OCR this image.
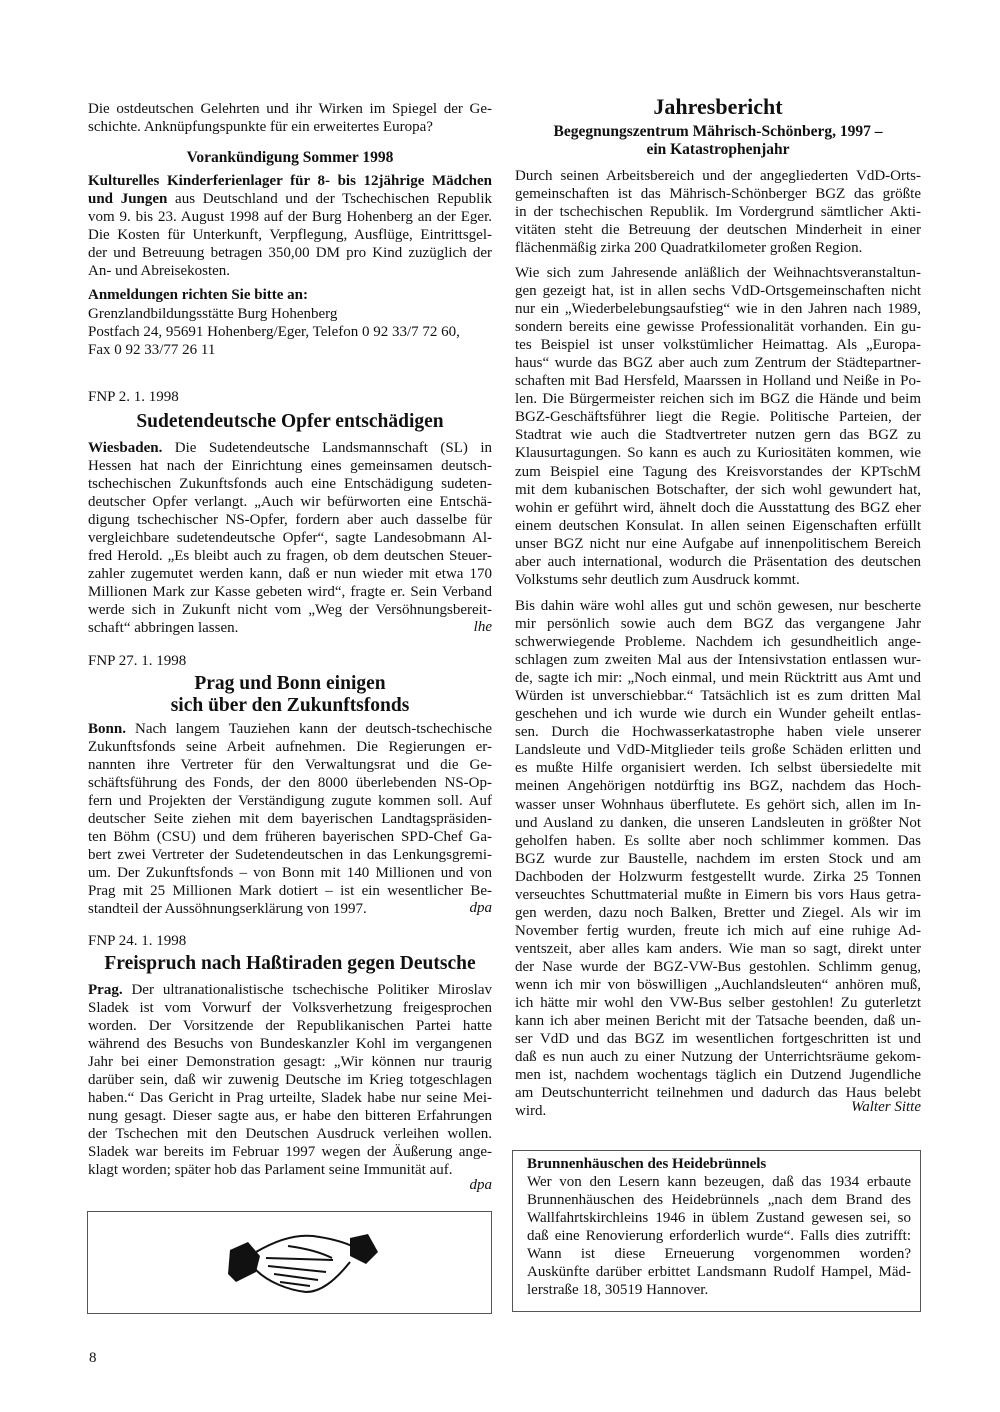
Die ostdeutschen Gelehrten und ihr Wirken im Spiegel der Ge-
schichte. Anknüpfungspunkte für ein erweitertes Europa?
Vorankündigung Sommer 1998
Kulturelles Kinderferienlager für 8- bis 12jährige Mädchen
und Jungen aus Deutschland und der Tschechischen Republik
vom 9. bis 23. August 1998 auf der Burg Hohenberg an der Eger.
Die Kosten für Unterkunft, Verpflegung, Ausflüge, Eintrittsgel-
der und Betreuung betragen 350,00 DM pro Kind zuzüglich der
An- und Abreisekosten.
Anmeldungen richten Sie bitte an:
Grenzlandbildungsstätte Burg Hohenberg
Postfach 24, 95691 Hohenberg/Eger, Telefon 0 92 33/7 72 60,
Fax 0 92 33/77 26 11
FNP 2. 1. 1998
Sudetendeutsche Opfer entschädigen
Wiesbaden. Die Sudetendeutsche Landsmannschaft (SL) in
Hessen hat nach der Einrichtung eines gemeinsamen deutsch-
tschechischen Zukunftsfonds auch eine Entschädigung sudeten-
deutscher Opfer verlangt. „Auch wir befürworten eine Entschä-
digung tschechischer NS-Opfer, fordern aber auch dasselbe für
vergleichbare sudetendeutsche Opfer“, sagte Landesobmann Al-
fred Herold. „Es bleibt auch zu fragen, ob dem deutschen Steuer-
zahler zugemutet werden kann, daß er nun wieder mit etwa 170
Millionen Mark zur Kasse gebeten wird“, fragte er. Sein Verband
werde sich in Zukunft nicht vom „Weg der Versöhnungsbereit-
schaft“ abbringen lassen.	lhe
FNP 27. 1. 1998
Prag und Bonn einigen
sich über den Zukunftsfonds
Bonn. Nach langem Tauziehen kann der deutsch-tschechische
Zukunftsfonds seine Arbeit aufnehmen. Die Regierungen er-
nannten ihre Vertreter für den Verwaltungsrat und die Ge-
schäftsführung des Fonds, der den 8000 überlebenden NS-Op-
fern und Projekten der Verständigung zugute kommen soll. Auf
deutscher Seite ziehen mit dem bayerischen Landtagspräsiden-
ten Böhm (CSU) und dem früheren bayerischen SPD-Chef Ga-
bert zwei Vertreter der Sudetendeutschen in das Lenkungsgremi-
um. Der Zukunftsfonds – von Bonn mit 140 Millionen und von
Prag mit 25 Millionen Mark dotiert – ist ein wesentlicher Be-
standteil der Aussöhnungserklärung von 1997.	dpa
FNP 24. 1. 1998
Freispruch nach Haßtiraden gegen Deutsche
Prag. Der ultranationalistische tschechische Politiker Miroslav
Sladek ist vom Vorwurf der Volksverhetzung freigesprochen
worden. Der Vorsitzende der Republikanischen Partei hatte
während des Besuchs von Bundeskanzler Kohl im vergangenen
Jahr bei einer Demonstration gesagt: „Wir können nur traurig
darüber sein, daß wir zuwenig Deutsche im Krieg totgeschlagen
haben.“ Das Gericht in Prag urteilte, Sladek habe nur seine Mei-
nung gesagt. Dieser sagte aus, er habe den bitteren Erfahrungen
der Tschechen mit den Deutschen Ausdruck verleihen wollen.
Sladek war bereits im Februar 1997 wegen der Äußerung ange-
klagt worden; später hob das Parlament seine Immunität auf.
dpa
8
Jahresbericht
Begegnungszentrum Mährisch-Schönberg, 1997 –
ein Katastrophenjahr
Durch seinen Arbeitsbereich und der angegliederten VdD-Orts-
gemeinschaften ist das Mährisch-Schönberger BGZ das größte
in der tschechischen Republik. Im Vordergrund sämtlicher Akti-
vitäten steht die Betreuung der deutschen Minderheit in einer
flächenmäßig zirka 200 Quadratkilometer großen Region.
Wie sich zum Jahresende anläßlich der Weihnachtsveranstaltun-
gen gezeigt hat, ist in allen sechs VdD-Ortsgemeinschaften nicht
nur ein „Wiederbelebungsaufstieg“ wie in den Jahren nach 1989,
sondern bereits eine gewisse Professionalität vorhanden. Ein gu-
tes Beispiel ist unser volkstümlicher Heimattag. Als „Europa-
haus“ wurde das BGZ aber auch zum Zentrum der Städtepartner-
schaften mit Bad Hersfeld, Maarssen in Holland und Neiße in Po-
len. Die Bürgermeister reichen sich im BGZ die Hände und beim
BGZ-Geschäftsführer liegt die Regie. Politische Parteien, der
Stadtrat wie auch die Stadtvertreter nutzen gern das BGZ zu
Klausurtagungen. So kann es auch zu Kuriositäten kommen, wie
zum Beispiel eine Tagung des Kreisvorstandes der KPTschM
mit dem kubanischen Botschafter, der sich wohl gewundert hat,
wohin er geführt wird, ähnelt doch die Ausstattung des BGZ eher
einem deutschen Konsulat. In allen seinen Eigenschaften erfüllt
unser BGZ nicht nur eine Aufgabe auf innenpolitischem Bereich
aber auch international, wodurch die Präsentation des deutschen
Volkstums sehr deutlich zum Ausdruck kommt.
Bis dahin wäre wohl alles gut und schön gewesen, nur bescherte
mir persönlich sowie auch dem BGZ das vergangene Jahr
schwerwiegende Probleme. Nachdem ich gesundheitlich ange-
schlagen zum zweiten Mal aus der Intensivstation entlassen wur-
de, sagte ich mir: „Noch einmal, und mein Rücktritt aus Amt und
Würden ist unverschiebbar.“ Tatsächlich ist es zum dritten Mal
geschehen und ich wurde wie durch ein Wunder geheilt entlas-
sen. Durch die Hochwasserkatastrophe haben viele unserer
Landsleute und VdD-Mitglieder teils große Schäden erlitten und
es mußte Hilfe organisiert werden. Ich selbst übersiedelte mit
meinen Angehörigen notdürftig ins BGZ, nachdem das Hoch-
wasser unser Wohnhaus überflutete. Es gehört sich, allen im In-
und Ausland zu danken, die unseren Landsleuten in größter Not
geholfen haben. Es sollte aber noch schlimmer kommen. Das
BGZ wurde zur Baustelle, nachdem im ersten Stock und am
Dachboden der Holzwurm festgestellt wurde. Zirka 25 Tonnen
verseuchtes Schuttmaterial mußte in Eimern bis vors Haus getra-
gen werden, dazu noch Balken, Bretter und Ziegel. Als wir im
November fertig wurden, freute ich mich auf eine ruhige Ad-
ventszeit, aber alles kam anders. Wie man so sagt, direkt unter
der Nase wurde der BGZ-VW-Bus gestohlen. Schlimm genug,
wenn ich mir von böswilligen „Auchlandsleuten“ anhören muß,
ich hätte mir wohl den VW-Bus selber gestohlen! Zu guterletzt
kann ich aber meinen Bericht mit der Tatsache beenden, daß un-
ser VdD und das BGZ im wesentlichen fortgeschritten ist und
daß es nun auch zu einer Nutzung der Unterrichtsräume gekom-
men ist, nachdem wochentags täglich ein Dutzend Jugendliche
am Deutschunterricht teilnehmen und dadurch das Haus belebt
wird.	Walter Sitte
Brunnenhäuschen des Heidebrünnels
Wer von den Lesern kann bezeugen, daß das 1934 erbaute
Brunnenhäuschen des Heidebrünnels „nach dem Brand des
Wallfahrtskirchleins 1946 in üblem Zustand gewesen sei, so
daß eine Renovierung erforderlich wurde“. Falls dies zutrifft:
Wann ist diese Erneuerung vorgenommen worden?
Auskünfte darüber erbittet Landsmann Rudolf Hampel, Mäd-
lerstraße 18, 30519 Hannover.
